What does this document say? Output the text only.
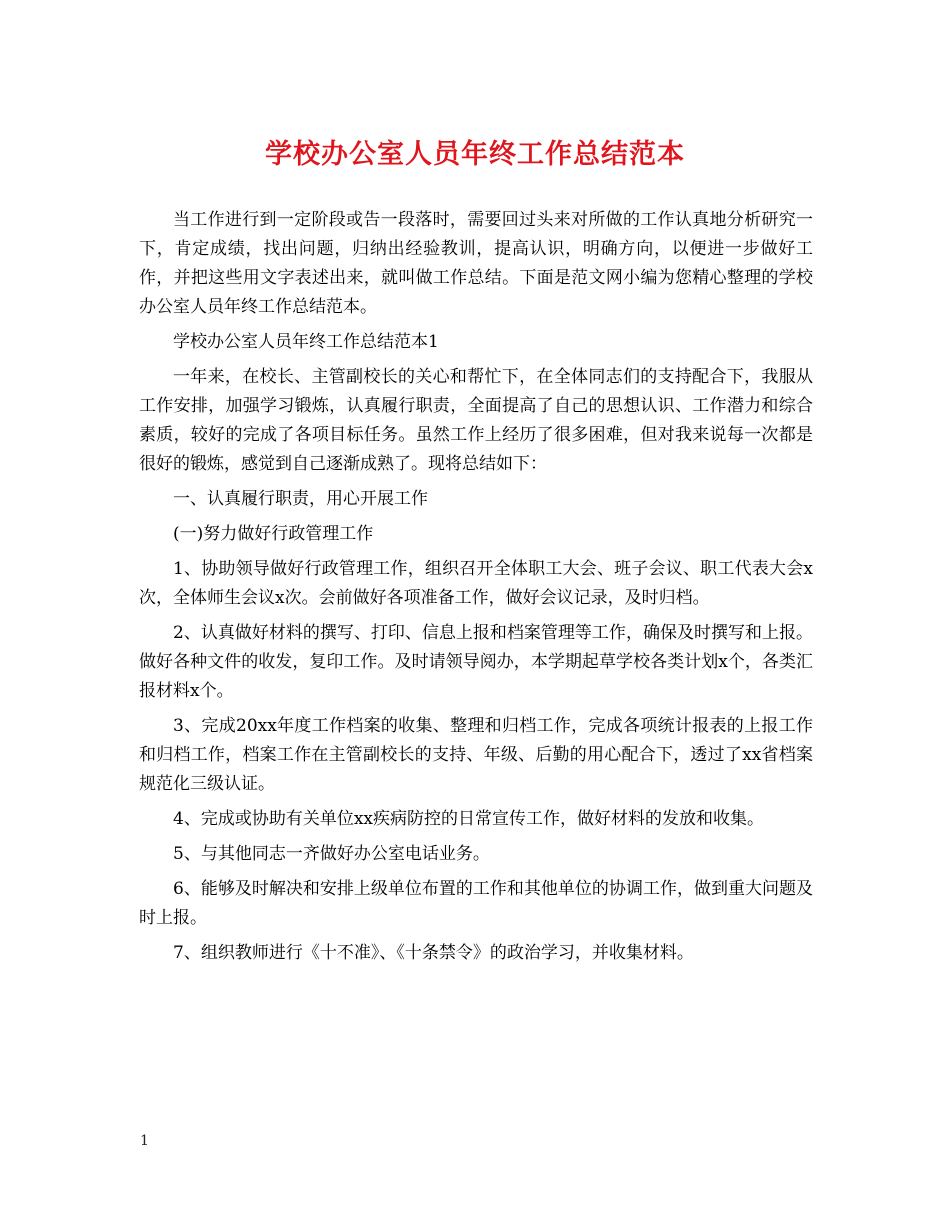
学校办公室人员年终工作总结范本

当工作进行到一定阶段或告一段落时，需要回过头来对所做的工作认真地分析研究一下，肯定成绩，找出问题，归纳出经验教训，提高认识，明确方向，以便进一步做好工作，并把这些用文字表述出来，就叫做工作总结。下面是范文网小编为您精心整理的学校办公室人员年终工作总结范本。

学校办公室人员年终工作总结范本1

一年来，在校长、主管副校长的关心和帮忙下，在全体同志们的支持配合下，我服从工作安排，加强学习锻炼，认真履行职责，全面提高了自己的思想认识、工作潜力和综合素质，较好的完成了各项目标任务。虽然工作上经历了很多困难，但对我来说每一次都是很好的锻炼，感觉到自己逐渐成熟了。现将总结如下：

一、认真履行职责，用心开展工作

(一)努力做好行政管理工作

1、协助领导做好行政管理工作，组织召开全体职工大会、班子会议、职工代表大会x次，全体师生会议x次。会前做好各项准备工作，做好会议记录，及时归档。

2、认真做好材料的撰写、打印、信息上报和档案管理等工作，确保及时撰写和上报。做好各种文件的收发，复印工作。及时请领导阅办，本学期起草学校各类计划x个，各类汇报材料x个。

3、完成20xx年度工作档案的收集、整理和归档工作，完成各项统计报表的上报工作和归档工作，档案工作在主管副校长的支持、年级、后勤的用心配合下，透过了xx省档案规范化三级认证。

4、完成或协助有关单位xx疾病防控的日常宣传工作，做好材料的发放和收集。

5、与其他同志一齐做好办公室电话业务。

6、能够及时解决和安排上级单位布置的工作和其他单位的协调工作，做到重大问题及时上报。

7、组织教师进行《十不准》、《十条禁令》的政治学习，并收集材料。

1
